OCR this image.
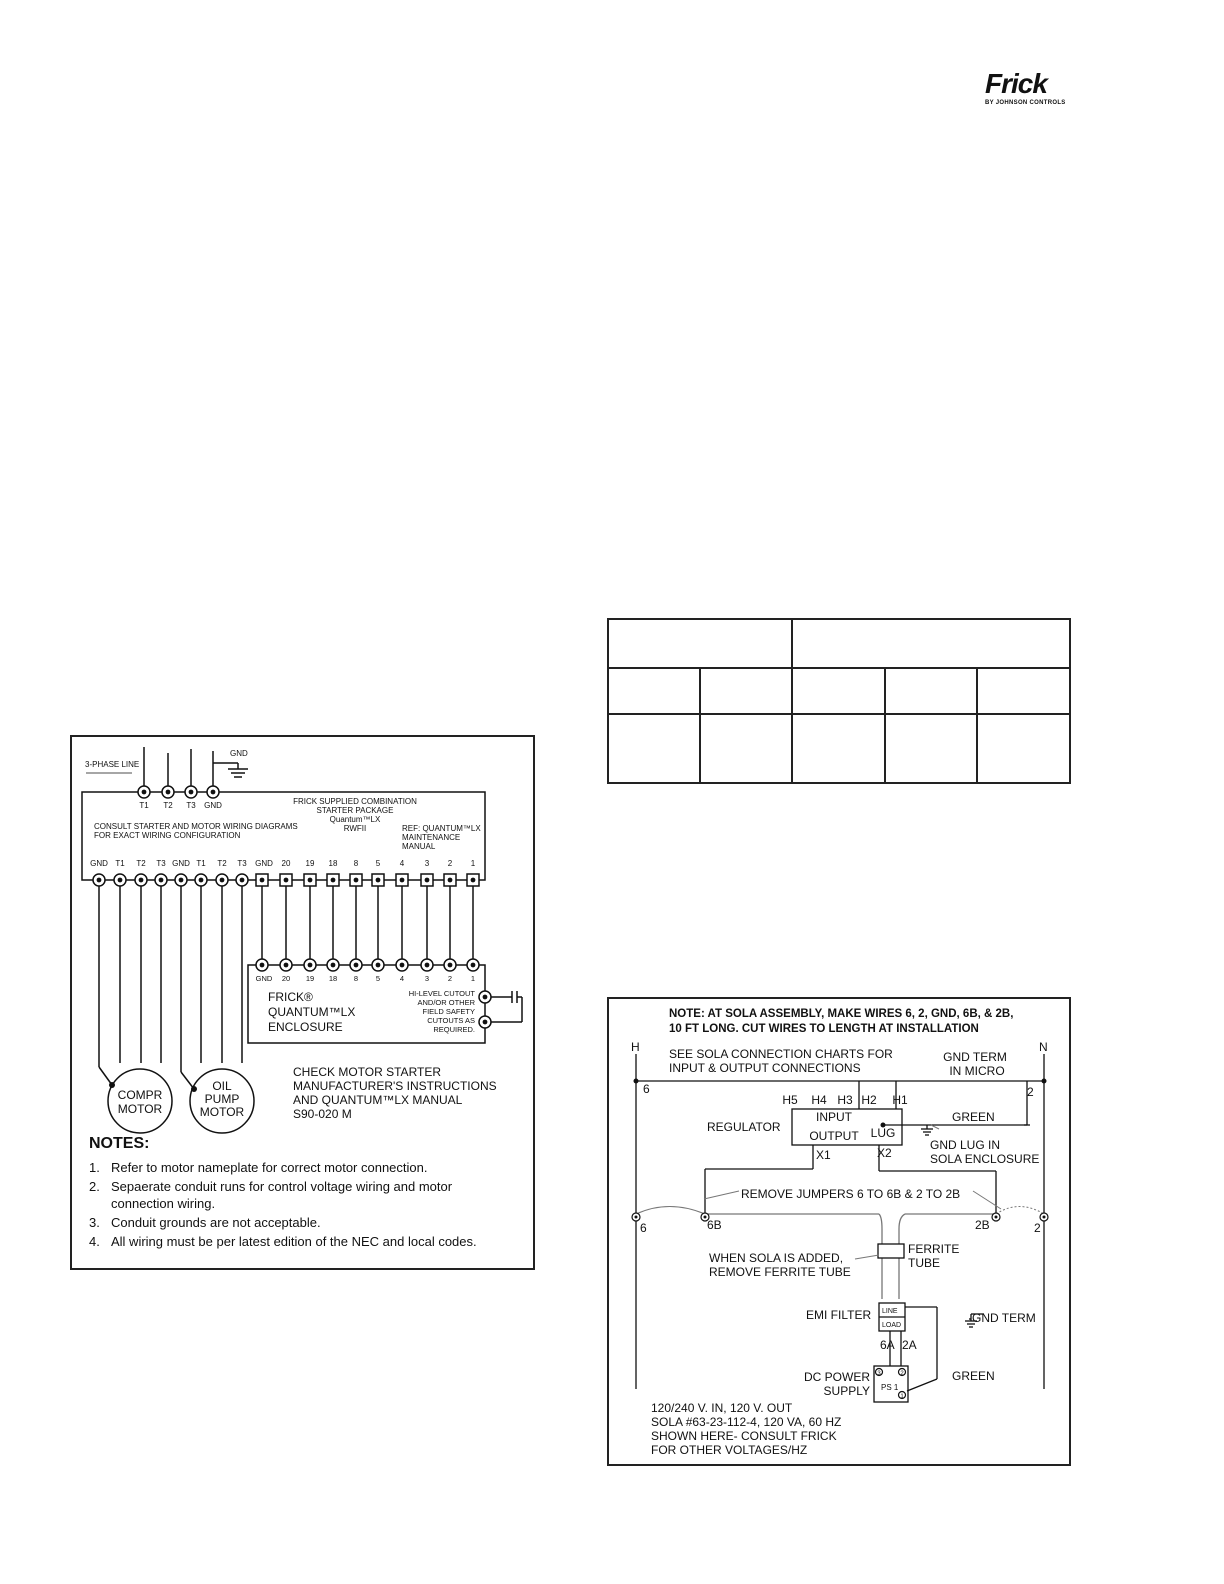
Frick
BY JOHNSON CONTROLS
3-PHASE LINE
GND
T1 T2 T3 GND	FRICK SUPPLIED COMBINATION
STARTER PACKAGE
Quantum™LX
RWFII
CONSULT STARTER AND MOTOR WIRING DIAGRAMS
FOR EXACT WIRING CONFIGURATION
REF: QUANTUM™LX
MAINTENANCE
MANUAL
GND T1 T2 T3 GND T1 T2 T3 GND 20 19 18 8 5 4	3 2 1
GND 20 19 18 8 5	4	3	2	1
FRICK®
QUANTUM™LX
ENCLOSURE
HI-LEVEL CUTOUT
AND/OR OTHER
FIELD SAFETY
CUTOUTS AS
REQUIRED.
COMPR
MOTOR
OIL
PUMP
MOTOR
CHECK MOTOR STARTER
MANUFACTURER'S INSTRUCTIONS
AND QUANTUM™LX MANUAL
S90-020 M
NOTES:
1. Refer to motor nameplate for correct motor connection.
2. Sepaerate conduit runs for control voltage wiring and motor connection wiring.
3. Conduit grounds are not acceptable.
4. All wiring must be per latest edition of the NEC and local codes.
NOTE: AT SOLA ASSEMBLY, MAKE WIRES 6, 2, GND, 6B, & 2B,
10 FT LONG. CUT WIRES TO LENGTH AT INSTALLATION
H	N
SEE SOLA CONNECTION CHARTS FOR
INPUT & OUTPUT CONNECTIONS
GND TERM
IN MICRO
6	2
H5 H4 H3 H2 H1
INPUT
OUTPUT LUG
REGULATOR
GREEN
GND LUG IN
SOLA ENCLOSURE
X1	X2
REMOVE JUMPERS 6 TO 6B & 2 TO 2B
6	6B	2B	2
WHEN SOLA IS ADDED,
REMOVE FERRITE TUBE
FERRITE
TUBE
EMI FILTER LINE
LOAD
GND TERM
6A 2A
DC POWER
SUPPLY PS 1
3	2
1
GREEN
120/240 V. IN, 120 V. OUT
SOLA #63-23-112-4, 120 VA, 60 HZ
SHOWN HERE- CONSULT FRICK
FOR OTHER VOLTAGES/HZ
